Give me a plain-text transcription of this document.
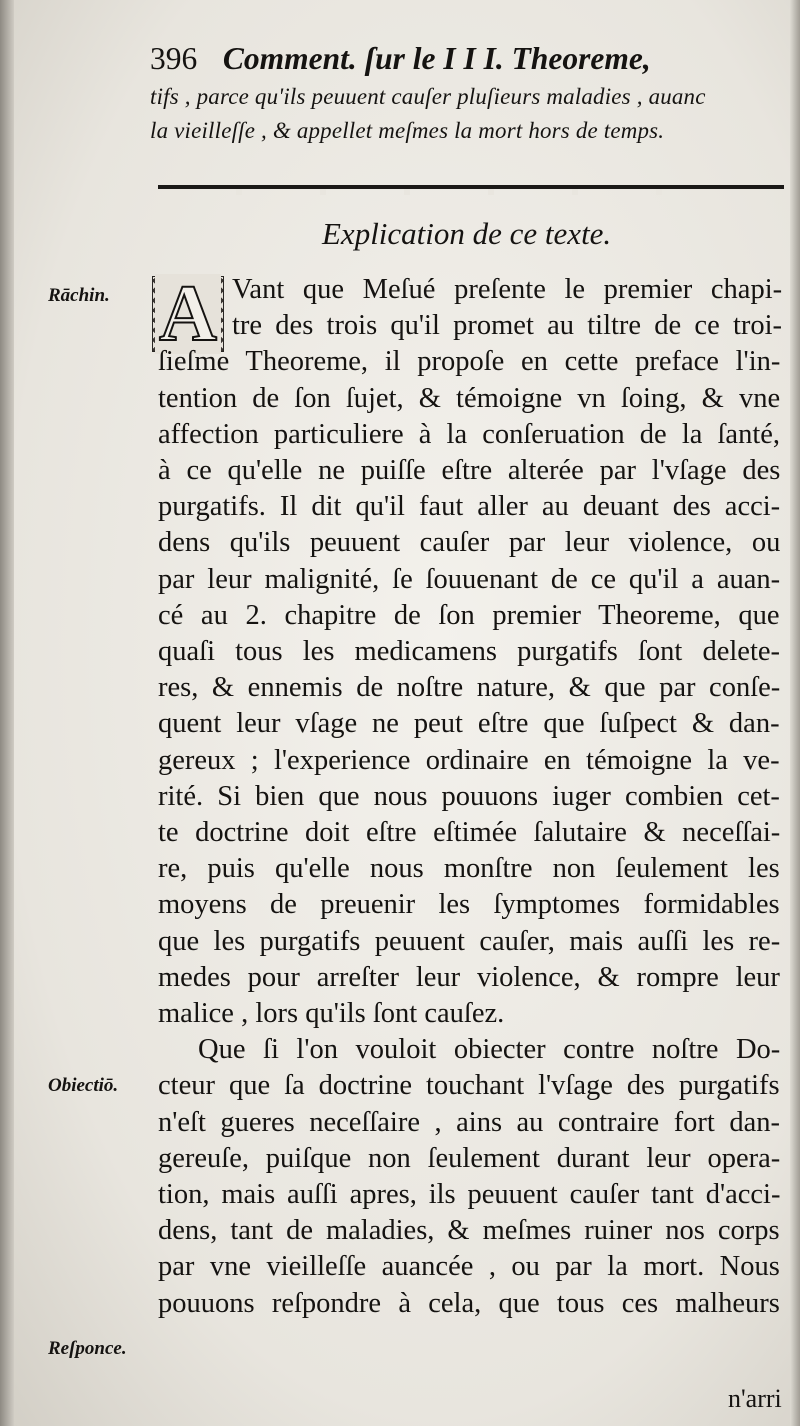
396 Comment. ſur le I I I. Theoreme,
tifs , parce qu'ils peuuent cauſer pluſieurs maladies , auanc
la vieilleſſe , & appellet meſmes la mort hors de temps.
Explication de ce texte.
Rāchin.
Obiectiō.
Reſponce.
A Vant que Meſué preſente le premier chapi-
tre des trois qu'il promet au tiltre de ce troi-
ſieſme Theoreme, il propoſe en cette preface l'in-
tention de ſon ſujet, & témoigne vn ſoing, & vne
affection particuliere à la conſeruation de la ſanté,
à ce qu'elle ne puiſſe eſtre alterée par l'vſage des
purgatifs. Il dit qu'il faut aller au deuant des acci-
dens qu'ils peuuent cauſer par leur violence, ou
par leur malignité, ſe ſouuenant de ce qu'il a auan-
cé au 2. chapitre de ſon premier Theoreme, que
quaſi tous les medicamens purgatifs ſont delete-
res, & ennemis de noſtre nature, & que par conſe-
quent leur vſage ne peut eſtre que ſuſpect & dan-
gereux ; l'experience ordinaire en témoigne la ve-
rité. Si bien que nous pouuons iuger combien cet-
te doctrine doit eſtre eſtimée ſalutaire & neceſſai-
re, puis qu'elle nous monſtre non ſeulement les
moyens de preuenir les ſymptomes formidables
que les purgatifs peuuent cauſer, mais auſſi les re-
medes pour arreſter leur violence, & rompre leur
malice , lors qu'ils ſont cauſez.
Que ſi l'on vouloit obiecter contre noſtre Do-
cteur que ſa doctrine touchant l'vſage des purgatifs
n'eſt gueres neceſſaire , ains au contraire fort dan-
gereuſe, puiſque non ſeulement durant leur opera-
tion, mais auſſi apres, ils peuuent cauſer tant d'acci-
dens, tant de maladies, & meſmes ruiner nos corps
par vne vieilleſſe auancée , ou par la mort. Nous
pouuons reſpondre à cela, que tous ces malheurs
n'arri
